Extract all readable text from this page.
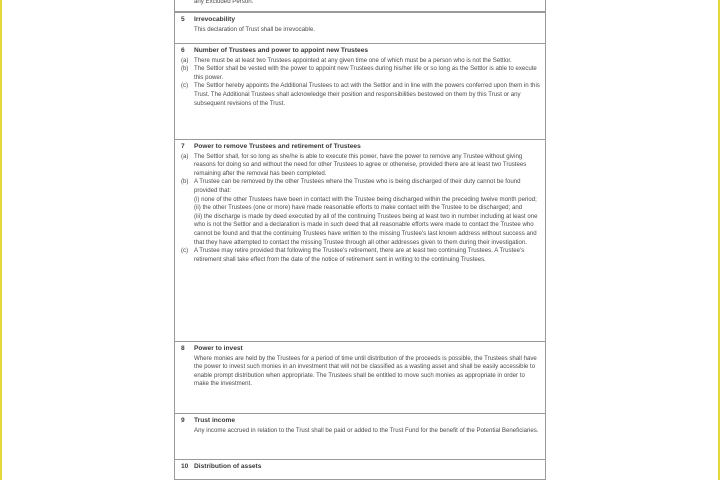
any Excluded Person.
5	Irrevocability
This declaration of Trust shall be irrevocable.
6	Number of Trustees and power to appoint new Trustees
(a) There must be at least two Trustees appointed at any given time one of which must be a person who is not the Settlor.
(b) The Settlor shall be vested with the power to appoint new Trustees during his/her life or so long as the Settlor is able to execute this power.
(c) The Settlor hereby appoints the Additional Trustees to act with the Settlor and in line with the powers conferred upon them in this Trust. The Additional Trustees shall acknowledge their position and responsibilities bestowed on them by this Trust or any subsequent revisions of the Trust.
7	Power to remove Trustees and retirement of Trustees
(a) The Settlor shall, for so long as she/he is able to execute this power, have the power to remove any Trustee without giving reasons for doing so and without the need for other Trustees to agree or otherwise, provided there are at least two Trustees remaining after the removal has been completed.
(b) A Trustee can be removed by the other Trustees where the Trustee who is being discharged of their duty cannot be found provided that:
(i) none of the other Trustees have been in contact with the Trustee being discharged within the preceding twelve month period;
(ii) the other Trustees (one or more) have made reasonable efforts to make contact with the Trustee to be discharged; and
(iii) the discharge is made by deed executed by all of the continuing Trustees being at least two in number including at least one who is not the Settlor and a declaration is made in such deed that all reasonable efforts were made to contact the Trustee who cannot be found and that the continuing Trustees have written to the missing Trustee's last known address without success and that they have attempted to contact the missing Trustee through all other addresses given to them during their investigation.
(c) A Trustee may retire provided that following the Trustee's retirement, there are at least two continuing Trustees. A Trustee's retirement shall take effect from the date of the notice of retirement sent in writing to the continuing Trustees.
8	Power to invest
Where monies are held by the Trustees for a period of time until distribution of the proceeds is possible, the Trustees shall have the power to invest such monies in an investment that will not be classified as a wasting asset and shall be easily accessible to enable prompt distribution when appropriate. The Trustees shall be entitled to move such monies as appropriate in order to make the investment.
9	Trust income
Any income accrued in relation to the Trust shall be paid or added to the Trust Fund for the benefit of the Potential Beneficiaries.
10 Distribution of assets
